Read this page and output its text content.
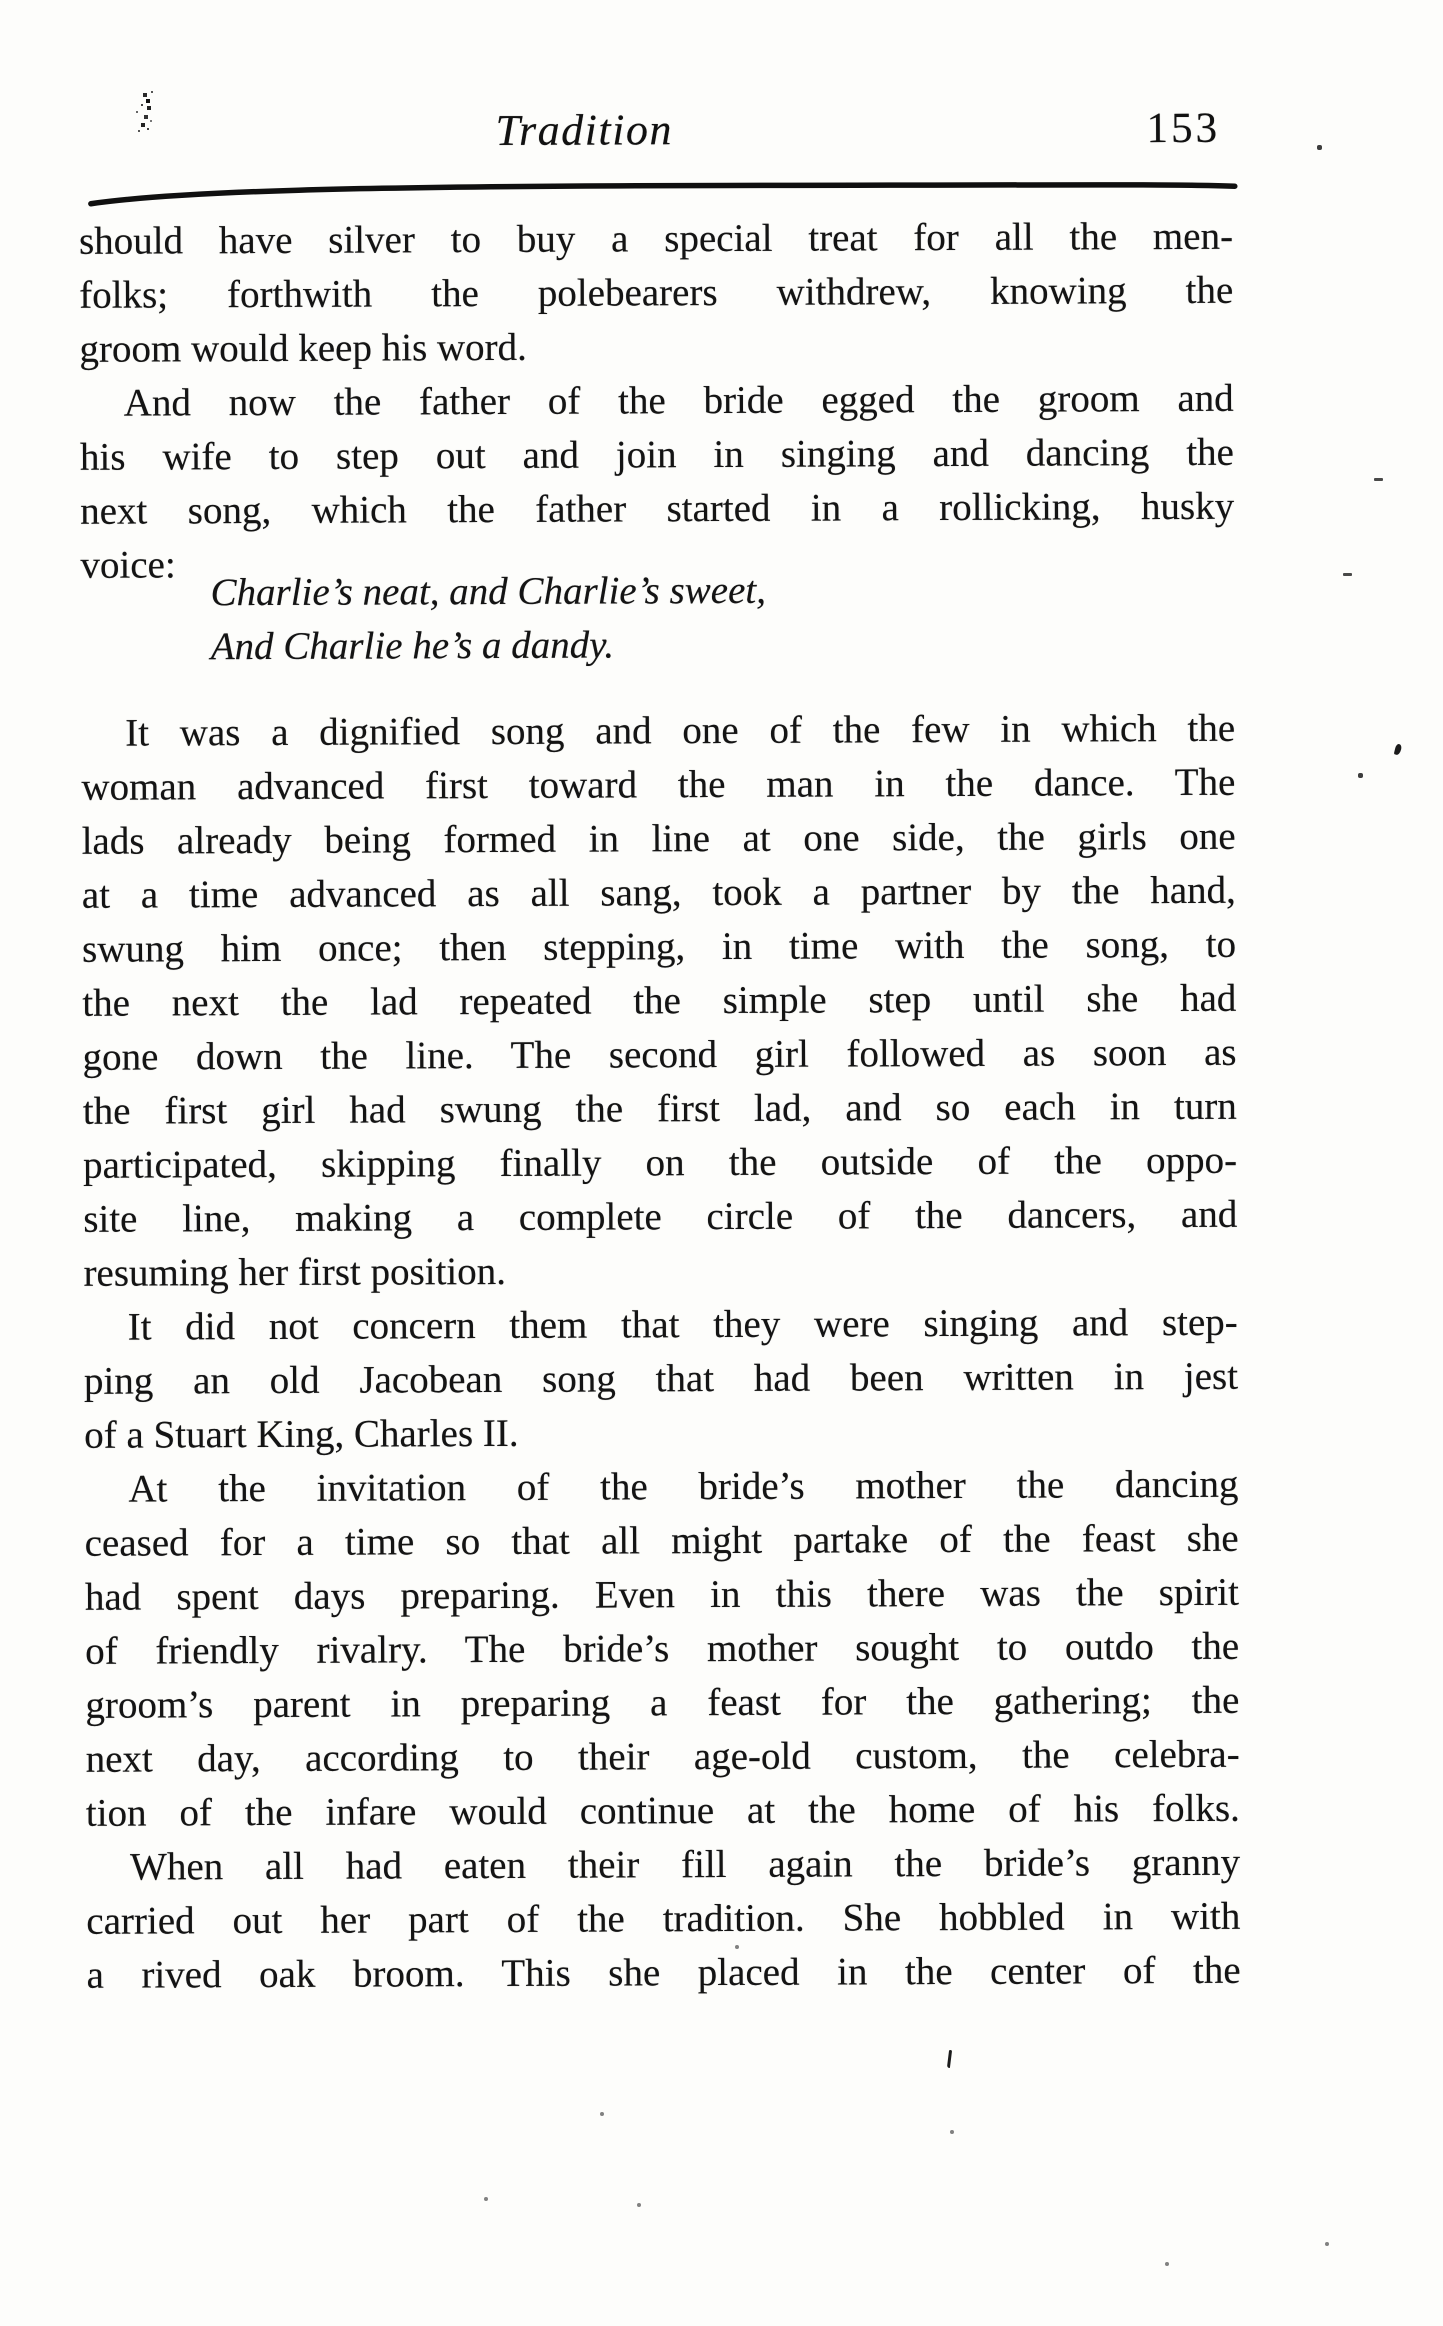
Tradition	153
should have silver to buy a special treat for all the men-
folks; forthwith the polebearers withdrew, knowing the
groom would keep his word.
And now the father of the bride egged the groom and
his wife to step out and join in singing and dancing the
next song, which the father started in a rollicking, husky
voice:
Charlie’s neat, and Charlie’s sweet,
And Charlie he’s a dandy.
It was a dignified song and one of the few in which the
woman advanced first toward the man in the dance. The
lads already being formed in line at one side, the girls one
at a time advanced as all sang, took a partner by the hand,
swung him once; then stepping, in time with the song, to
the next the lad repeated the simple step until she had
gone down the line. The second girl followed as soon as
the first girl had swung the first lad, and so each in turn
participated, skipping finally on the outside of the oppo-
site line, making a complete circle of the dancers, and
resuming her first position.
It did not concern them that they were singing and step-
ping an old Jacobean song that had been written in jest
of a Stuart King, Charles II.
At the invitation of the bride’s mother the dancing
ceased for a time so that all might partake of the feast she
had spent days preparing. Even in this there was the spirit
of friendly rivalry. The bride’s mother sought to outdo the
groom’s parent in preparing a feast for the gathering; the
next day, according to their age-old custom, the celebra-
tion of the infare would continue at the home of his folks.
When all had eaten their fill again the bride’s granny
carried out her part of the tradition. She hobbled in with
a rived oak broom. This she placed in the center of the
